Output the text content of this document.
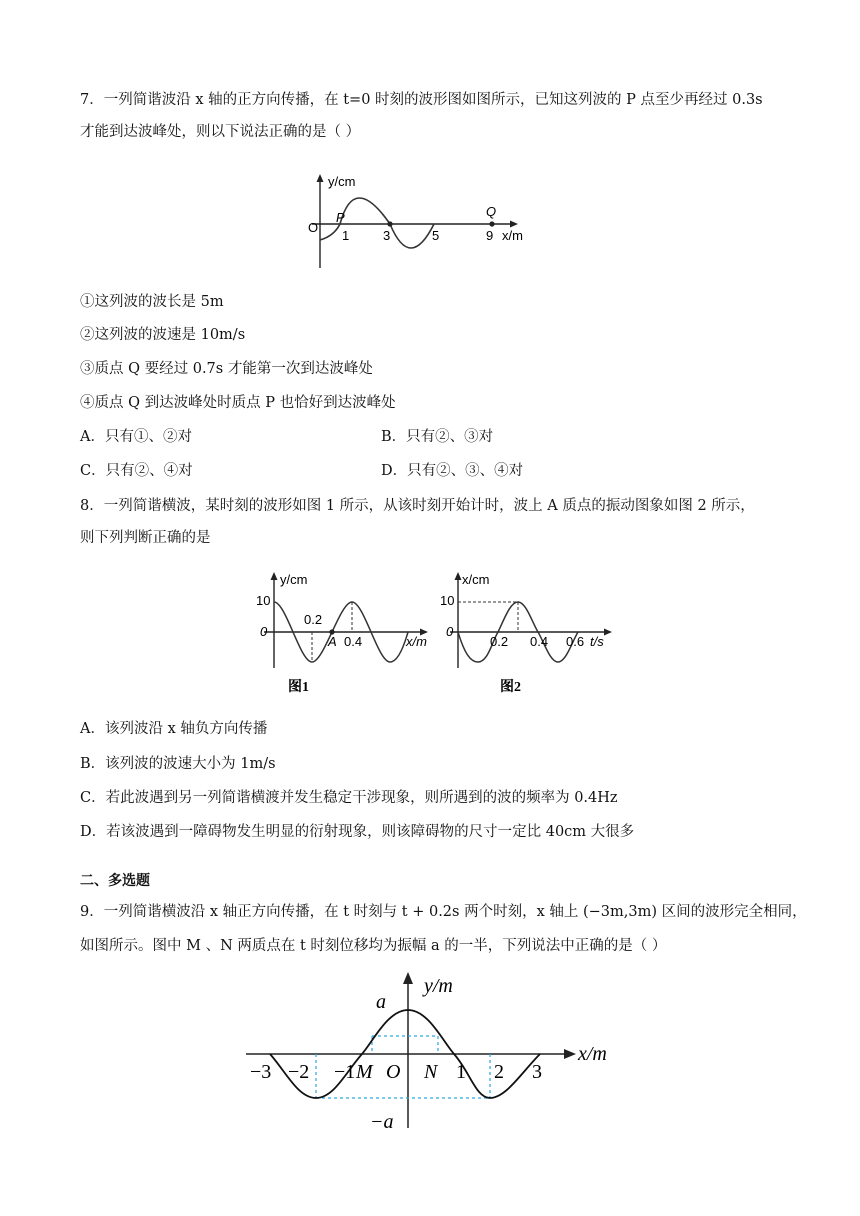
7．一列简谐波沿 x 轴的正方向传播，在 t=0 时刻的波形图如图所示，已知这列波的 P 点至少再经过 0.3s
才能到达波峰处，则以下说法正确的是（ ）
y/cm
O
P	Q
1	3	5	9 x/m
①这列波的波长是 5m
②这列波的波速是 10m/s
③质点 Q 要经过 0.7s 才能第一次到达波峰处
④质点 Q 到达波峰处时质点 P 也恰好到达波峰处
A．只有①、②对	B．只有②、③对
C．只有②、④对	D．只有②、③、④对
8．一列简谐横波，某时刻的波形如图 1 所示，从该时刻开始计时，波上 A 质点的振动图象如图 2 所示，
则下列判断正确的是
y/cm
10
0
0.2
A 0.4	x/m
图1
x/cm
10
0
0.2 0.4 0.6 t/s
图2
A．该列波沿 x 轴负方向传播
B．该列波的波速大小为 1m/s
C．若此波遇到另一列简谐横渡并发生稳定干涉现象，则所遇到的波的频率为 0.4Hz
D．若该波遇到一障碍物发生明显的衍射现象，则该障碍物的尺寸一定比 40cm 大很多
二、多选题
9．一列简谐横波沿 x 轴正方向传播，在 t 时刻与 t + 0.2s 两个时刻，x 轴上 (−3m,3m) 区间的波形完全相同，
如图所示。图中 M 、N 两质点在 t 时刻位移均为振幅 a 的一半，下列说法中正确的是（ ）
y/m
a
−a
x/m
−3 −2 −1 M O N 1 2 3
